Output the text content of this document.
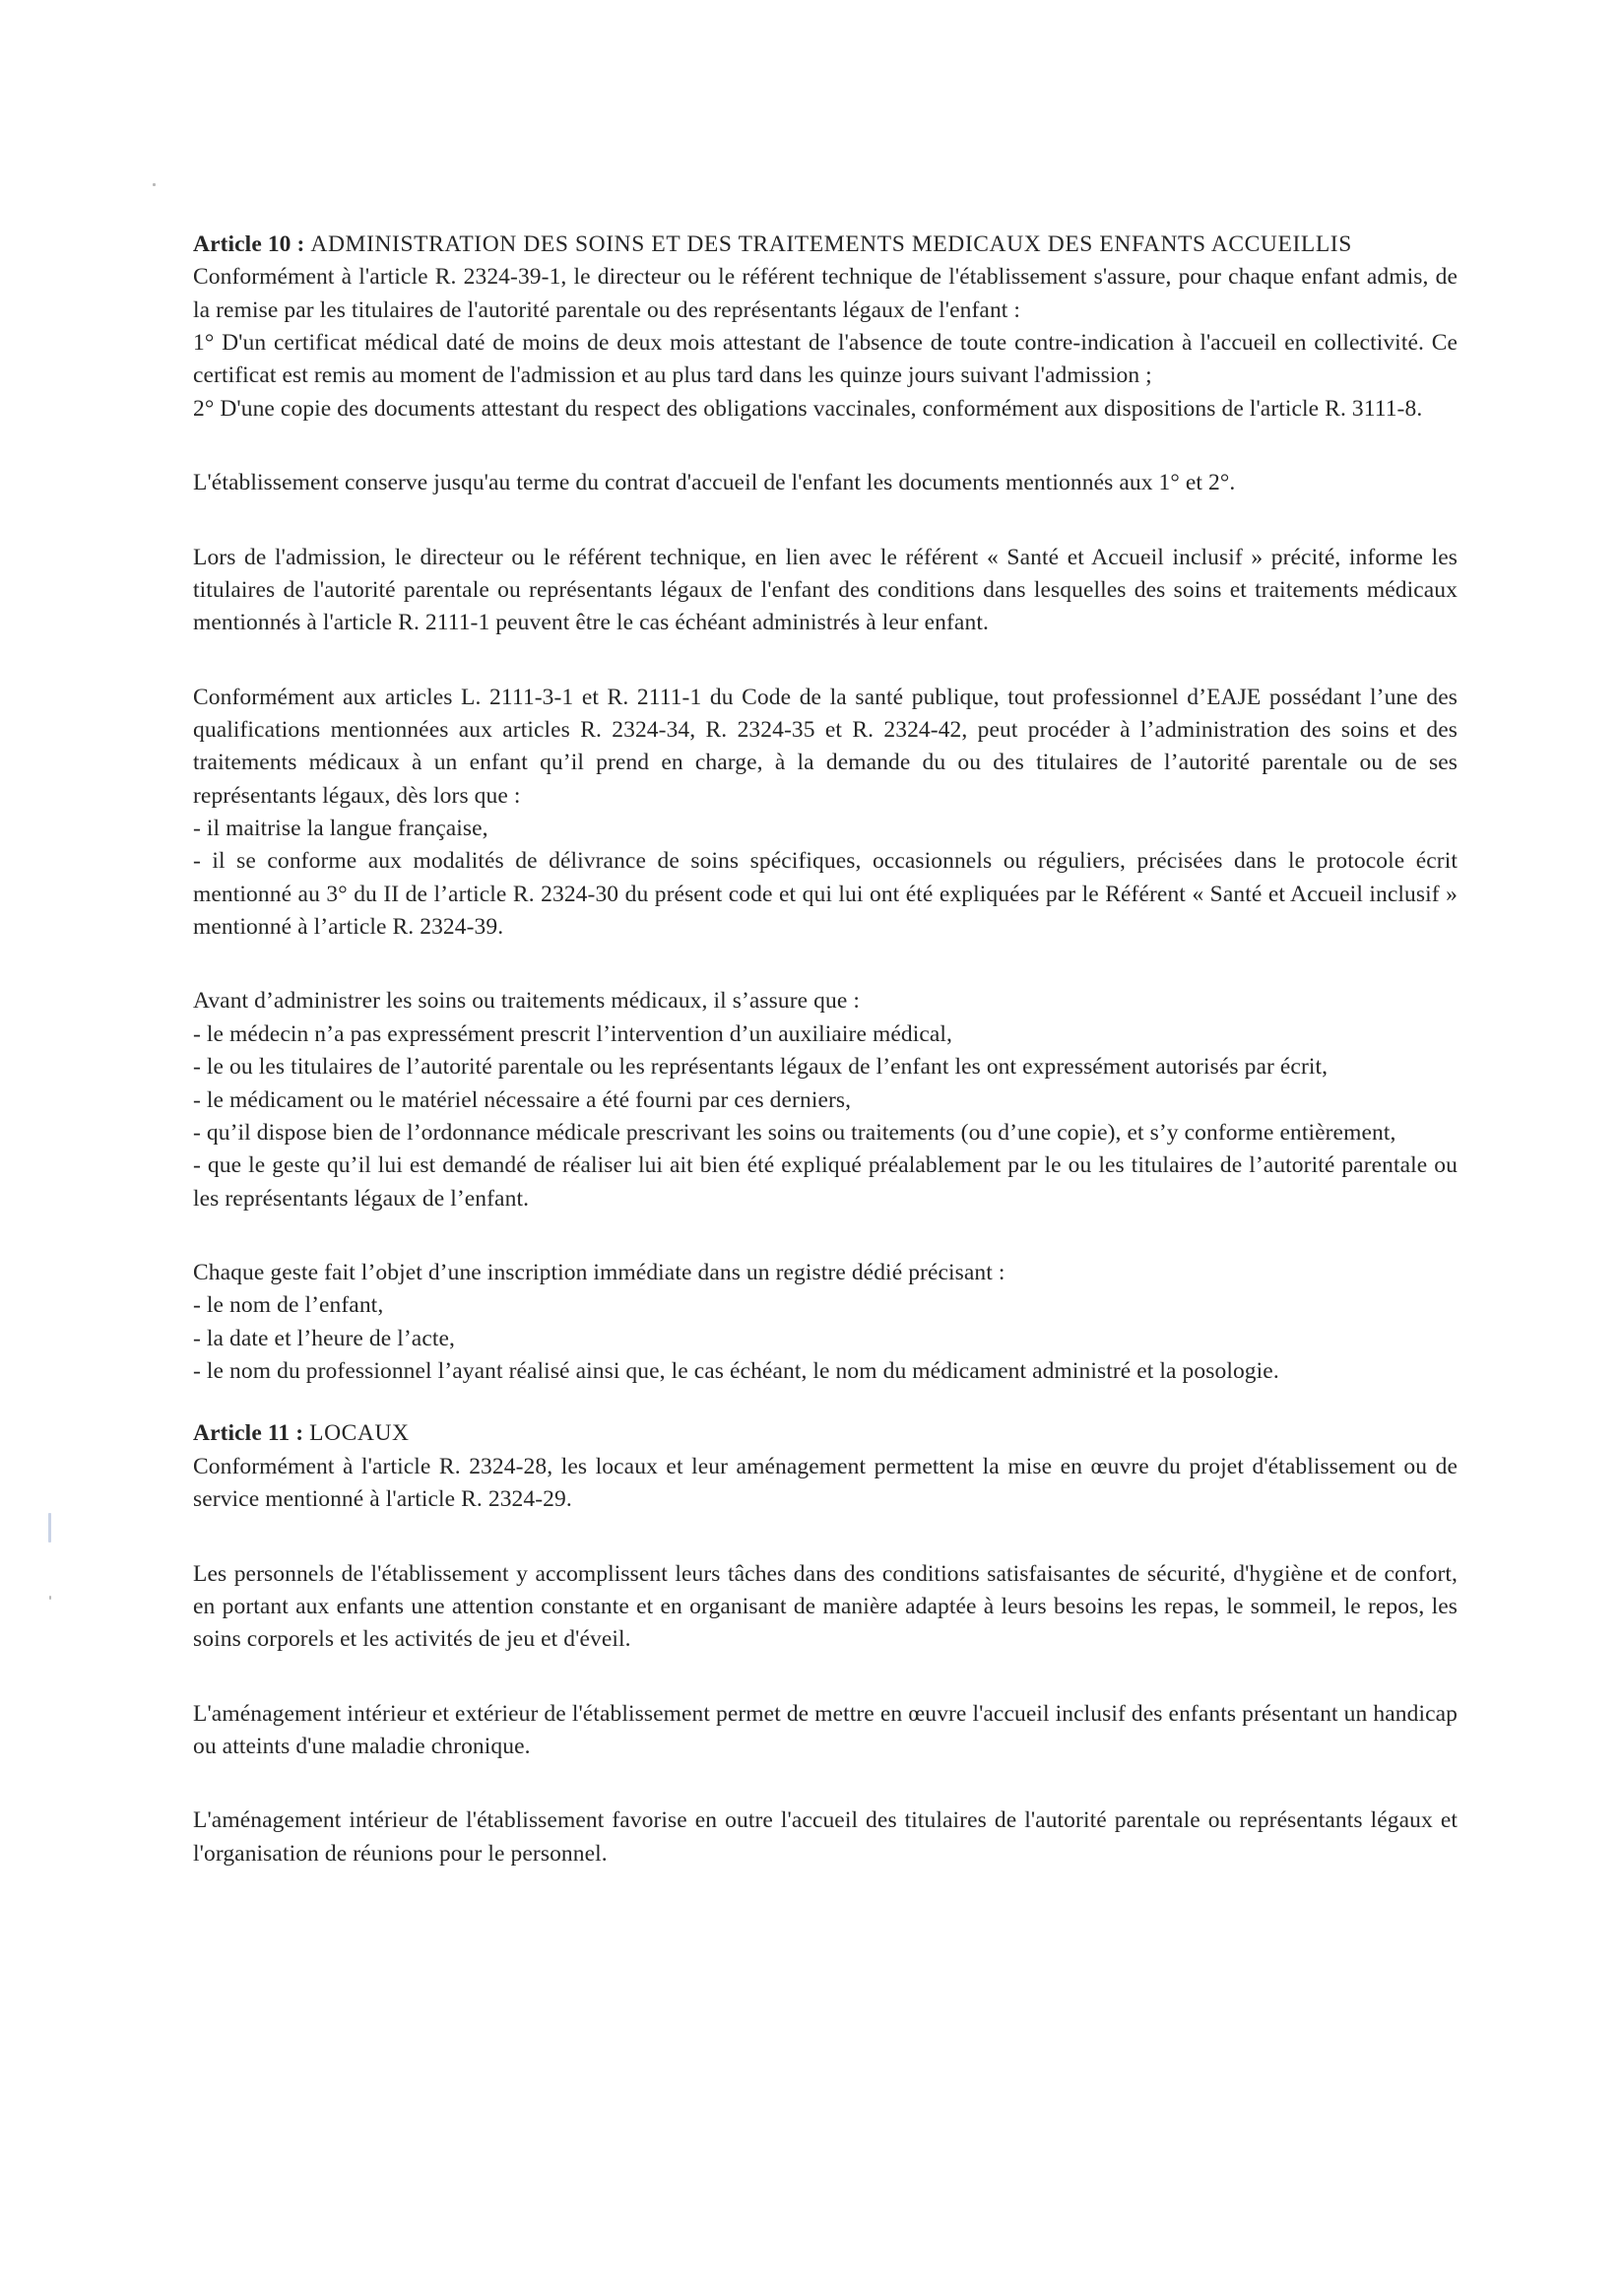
Article 10 : ADMINISTRATION DES SOINS ET DES TRAITEMENTS MEDICAUX DES ENFANTS ACCUEILLIS

Conformément à l'article R. 2324-39-1, le directeur ou le référent technique de l'établissement s'assure, pour chaque enfant admis, de la remise par les titulaires de l'autorité parentale ou des représentants légaux de l'enfant :
1° D'un certificat médical daté de moins de deux mois attestant de l'absence de toute contre-indication à l'accueil en collectivité. Ce certificat est remis au moment de l'admission et au plus tard dans les quinze jours suivant l'admission ;
2° D'une copie des documents attestant du respect des obligations vaccinales, conformément aux dispositions de l'article R. 3111-8.

L'établissement conserve jusqu'au terme du contrat d'accueil de l'enfant les documents mentionnés aux 1° et 2°.

Lors de l'admission, le directeur ou le référent technique, en lien avec le référent « Santé et Accueil inclusif » précité, informe les titulaires de l'autorité parentale ou représentants légaux de l'enfant des conditions dans lesquelles des soins et traitements médicaux mentionnés à l'article R. 2111-1 peuvent être le cas échéant administrés à leur enfant.

Conformément aux articles L. 2111-3-1 et R. 2111-1 du Code de la santé publique, tout professionnel d’EAJE possédant l’une des qualifications mentionnées aux articles R. 2324-34, R. 2324-35 et R. 2324-42, peut procéder à l’administration des soins et des traitements médicaux à un enfant qu’il prend en charge, à la demande du ou des titulaires de l’autorité parentale ou de ses représentants légaux, dès lors que :
- il maitrise la langue française,
- il se conforme aux modalités de délivrance de soins spécifiques, occasionnels ou réguliers, précisées dans le protocole écrit mentionné au 3° du II de l’article R. 2324-30 du présent code et qui lui ont été expliquées par le Référent « Santé et Accueil inclusif » mentionné à l’article R. 2324-39.

Avant d’administrer les soins ou traitements médicaux, il s’assure que :
- le médecin n’a pas expressément prescrit l’intervention d’un auxiliaire médical,
- le ou les titulaires de l’autorité parentale ou les représentants légaux de l’enfant les ont expressément autorisés par écrit,
- le médicament ou le matériel nécessaire a été fourni par ces derniers,
- qu’il dispose bien de l’ordonnance médicale prescrivant les soins ou traitements (ou d’une copie), et s’y conforme entièrement,
- que le geste qu’il lui est demandé de réaliser lui ait bien été expliqué préalablement par le ou les titulaires de l’autorité parentale ou les représentants légaux de l’enfant.

Chaque geste fait l’objet d’une inscription immédiate dans un registre dédié précisant :
- le nom de l’enfant,
- la date et l’heure de l’acte,
- le nom du professionnel l’ayant réalisé ainsi que, le cas échéant, le nom du médicament administré et la posologie.

Article 11 : LOCAUX

Conformément à l'article R. 2324-28, les locaux et leur aménagement permettent la mise en œuvre du projet d'établissement ou de service mentionné à l'article R. 2324-29.

Les personnels de l'établissement y accomplissent leurs tâches dans des conditions satisfaisantes de sécurité, d'hygiène et de confort, en portant aux enfants une attention constante et en organisant de manière adaptée à leurs besoins les repas, le sommeil, le repos, les soins corporels et les activités de jeu et d'éveil.

L'aménagement intérieur et extérieur de l'établissement permet de mettre en œuvre l'accueil inclusif des enfants présentant un handicap ou atteints d'une maladie chronique.

L'aménagement intérieur de l'établissement favorise en outre l'accueil des titulaires de l'autorité parentale ou représentants légaux et l'organisation de réunions pour le personnel.
